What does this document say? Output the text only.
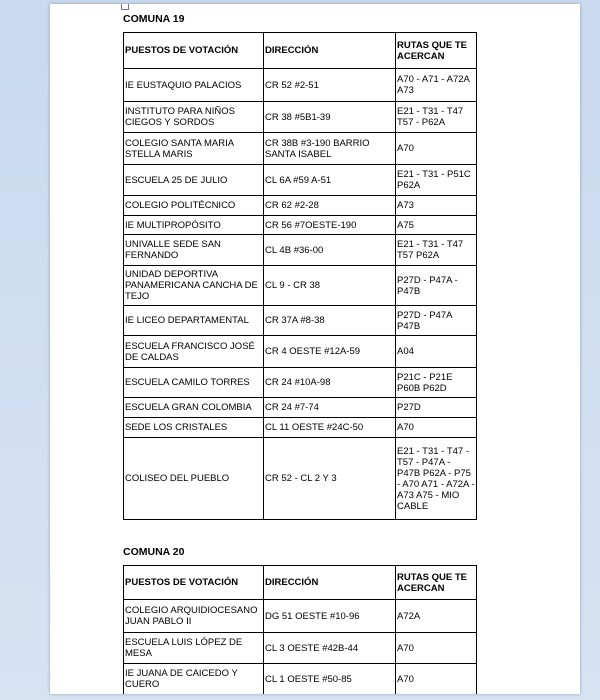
COMUNA 19
PUESTOS DE VOTACIÓN	DIRECCIÓN	RUTAS QUE TE ACERCAN
IE EUSTAQUIO PALACIOS	CR 52 #2-51	A70 - A71 - A72A A73
INSTITUTO PARA NIÑOS CIEGOS Y SORDOS	CR 38 #5B1-39	E21 - T31 - T47 T57 - P62A
COLEGIO SANTA MARIA STELLA MARIS	CR 38B #3-190 BARRIO SANTA ISABEL	A70
ESCUELA 25 DE JULIO	CL 6A #59 A-51	E21 - T31 - P51C P62A
COLEGIO POLITÉCNICO	CR 62 #2-28	A73
IE MULTIPROPÓSITO	CR 56 #7OESTE-190	A75
UNIVALLE SEDE SAN FERNANDO	CL 4B #36-00	E21 - T31 - T47 T57 P62A
UNIDAD DEPORTIVA PANAMERICANA CANCHA DE TEJO	CL 9 - CR 38	P27D - P47A - P47B
IE LICEO DEPARTAMENTAL	CR 37A #8-38	P27D - P47A P47B
ESCUELA FRANCISCO JOSÉ DE CALDAS	CR 4 OESTE #12A-59	A04
ESCUELA CAMILO TORRES	CR 24 #10A-98	P21C - P21E P60B P62D
ESCUELA GRAN COLOMBIA	CR 24 #7-74	P27D
SEDE LOS CRISTALES	CL 11 OESTE #24C-50	A70
COLISEO DEL PUEBLO	CR 52 - CL 2 Y 3	E21 - T31 - T47 - T57 - P47A - P47B P62A - P75 - A70 A71 - A72A - A73 A75 - MIO CABLE
COMUNA 20
PUESTOS DE VOTACIÓN	DIRECCIÓN	RUTAS QUE TE ACERCAN
COLEGIO ARQUIDIOCESANO JUAN PABLO II	DG 51 OESTE #10-96	A72A
ESCUELA LUIS LÓPEZ DE MESA	CL 3 OESTE #42B-44	A70
IE JUANA DE CAICEDO Y CUERO	CL 1 OESTE #50-85	A70
